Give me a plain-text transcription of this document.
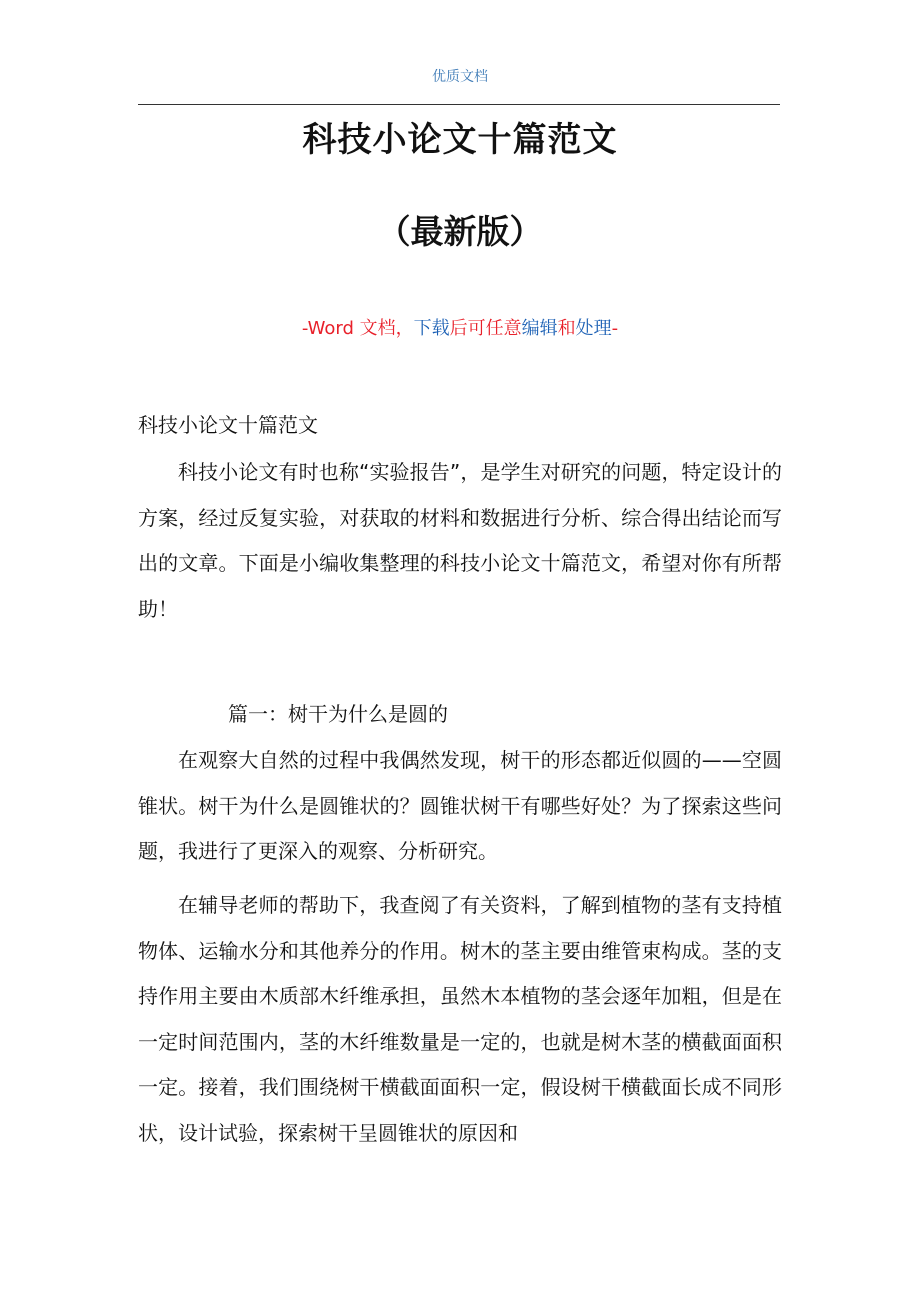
优质文档
科技小论文十篇范文
（最新版）
-Word 文档，下载后可任意编辑和处理-

科技小论文十篇范文

科技小论文有时也称“实验报告”，是学生对研究的问题，特定设计的方案，经过反复实验，对获取的材料和数据进行分析、综合得出结论而写出的文章。下面是小编收集整理的科技小论文十篇范文，希望对你有所帮助！

篇一：树干为什么是圆的

在观察大自然的过程中我偶然发现，树干的形态都近似圆的——空圆锥状。树干为什么是圆锥状的？圆锥状树干有哪些好处？为了探索这些问题，我进行了更深入的观察、分析研究。

在辅导老师的帮助下，我查阅了有关资料，了解到植物的茎有支持植物体、运输水分和其他养分的作用。树木的茎主要由维管束构成。茎的支持作用主要由木质部木纤维承担，虽然木本植物的茎会逐年加粗，但是在一定时间范围内，茎的木纤维数量是一定的，也就是树木茎的横截面面积一定。接着，我们围绕树干横截面面积一定，假设树干横截面长成不同形状，设计试验，探索树干呈圆锥状的原因和
